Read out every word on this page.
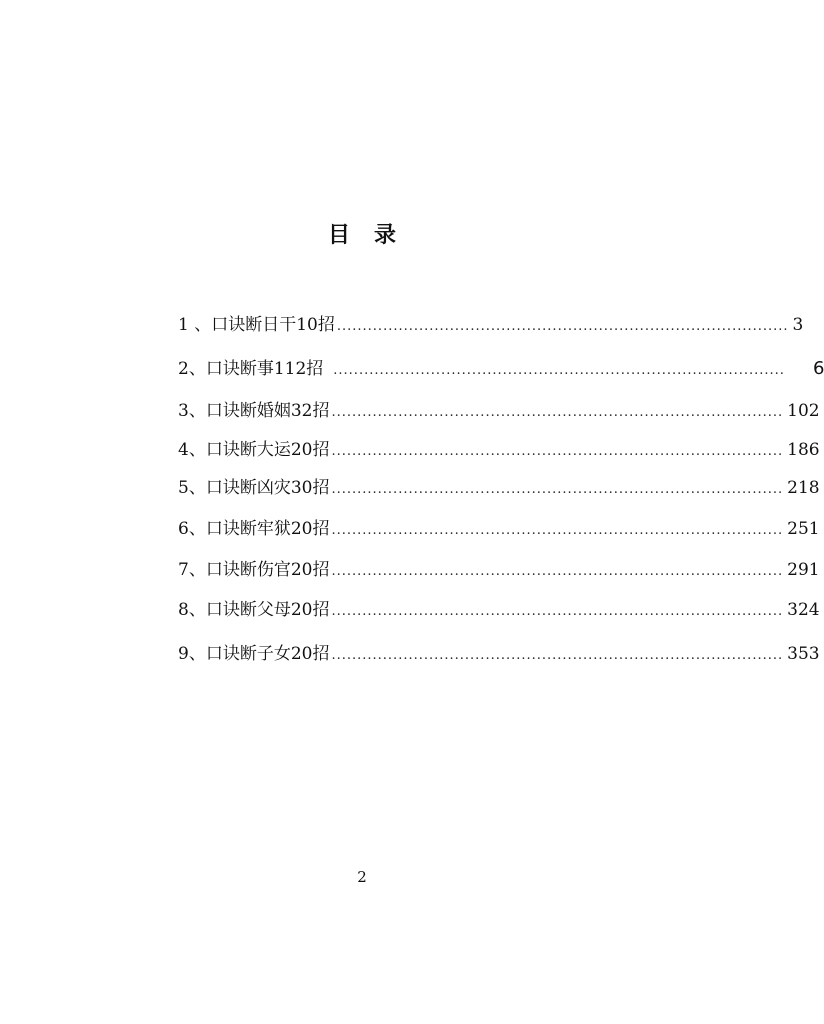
目 录
1 、 口诀断日干10招 ........................................................................................ 3
2、 口诀断事112招 ........................................................................................ 6
3、 口诀断婚姻32招 ........................................................................................ 102
4、 口诀断大运20招 ........................................................................................ 186
5、 口诀断凶灾30招 ........................................................................................ 218
6、 口诀断牢狱20招 ........................................................................................ 251
7、 口诀断伤官20招 ........................................................................................ 291
8、 口诀断父母20招 ........................................................................................ 324
9、 口诀断子女20招 ........................................................................................ 353
2
